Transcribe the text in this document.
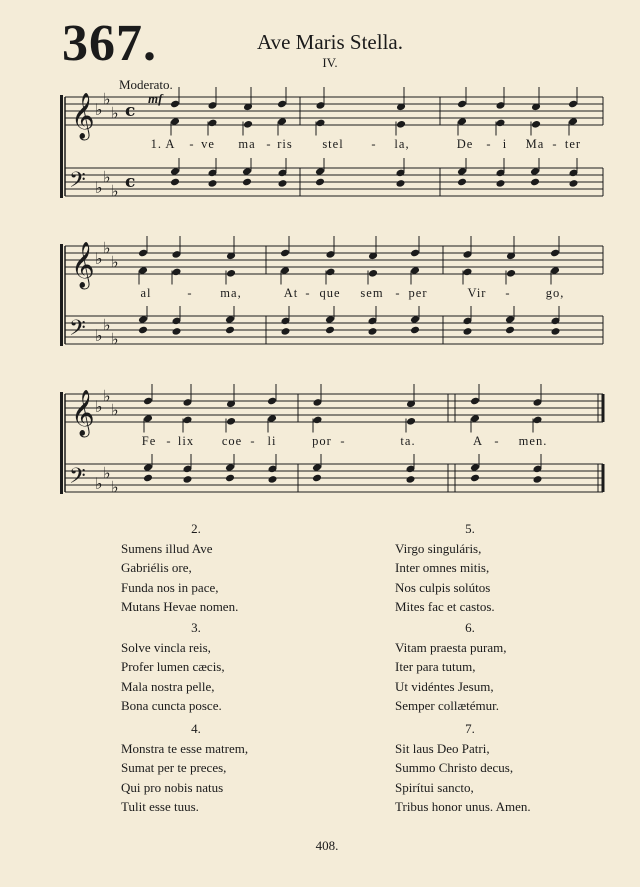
367.	Ave Maris Stella.
IV.
Moderato.
𝄞 ♭
♭
♭ c
𝄢 ♭
♭
♭ c
1. A - ve ma - ris stel - la,	De - i Ma - ter
𝄞 ♭
♭
♭
𝄢 ♭
♭
♭
al	- ma,	At - que sem - per	Vir -	go,
𝄞 ♭
♭
♭
𝄢 ♭
♭
♭
Fe - lix coe - li	por -	ta.	A - men.
mf
2.
Sumens illud Ave
Gabriélis ore,
Funda nos in pace,
Mutans Hevae nomen.
3.
Solve vincla reis,
Profer lumen cæcis,
Mala nostra pelle,
Bona cuncta posce.
4.
Monstra te esse matrem,
Sumat per te preces,
Qui pro nobis natus
Tulit esse tuus.
5.
Virgo singuláris,
Inter omnes mitis,
Nos culpis solútos
Mites fac et castos.
6.
Vitam praesta puram,
Iter para tutum,
Ut vidéntes Jesum,
Semper collætémur.
7.
Sit laus Deo Patri,
Summo Christo decus,
Spirítui sancto,
Tribus honor unus. Amen.
408.
